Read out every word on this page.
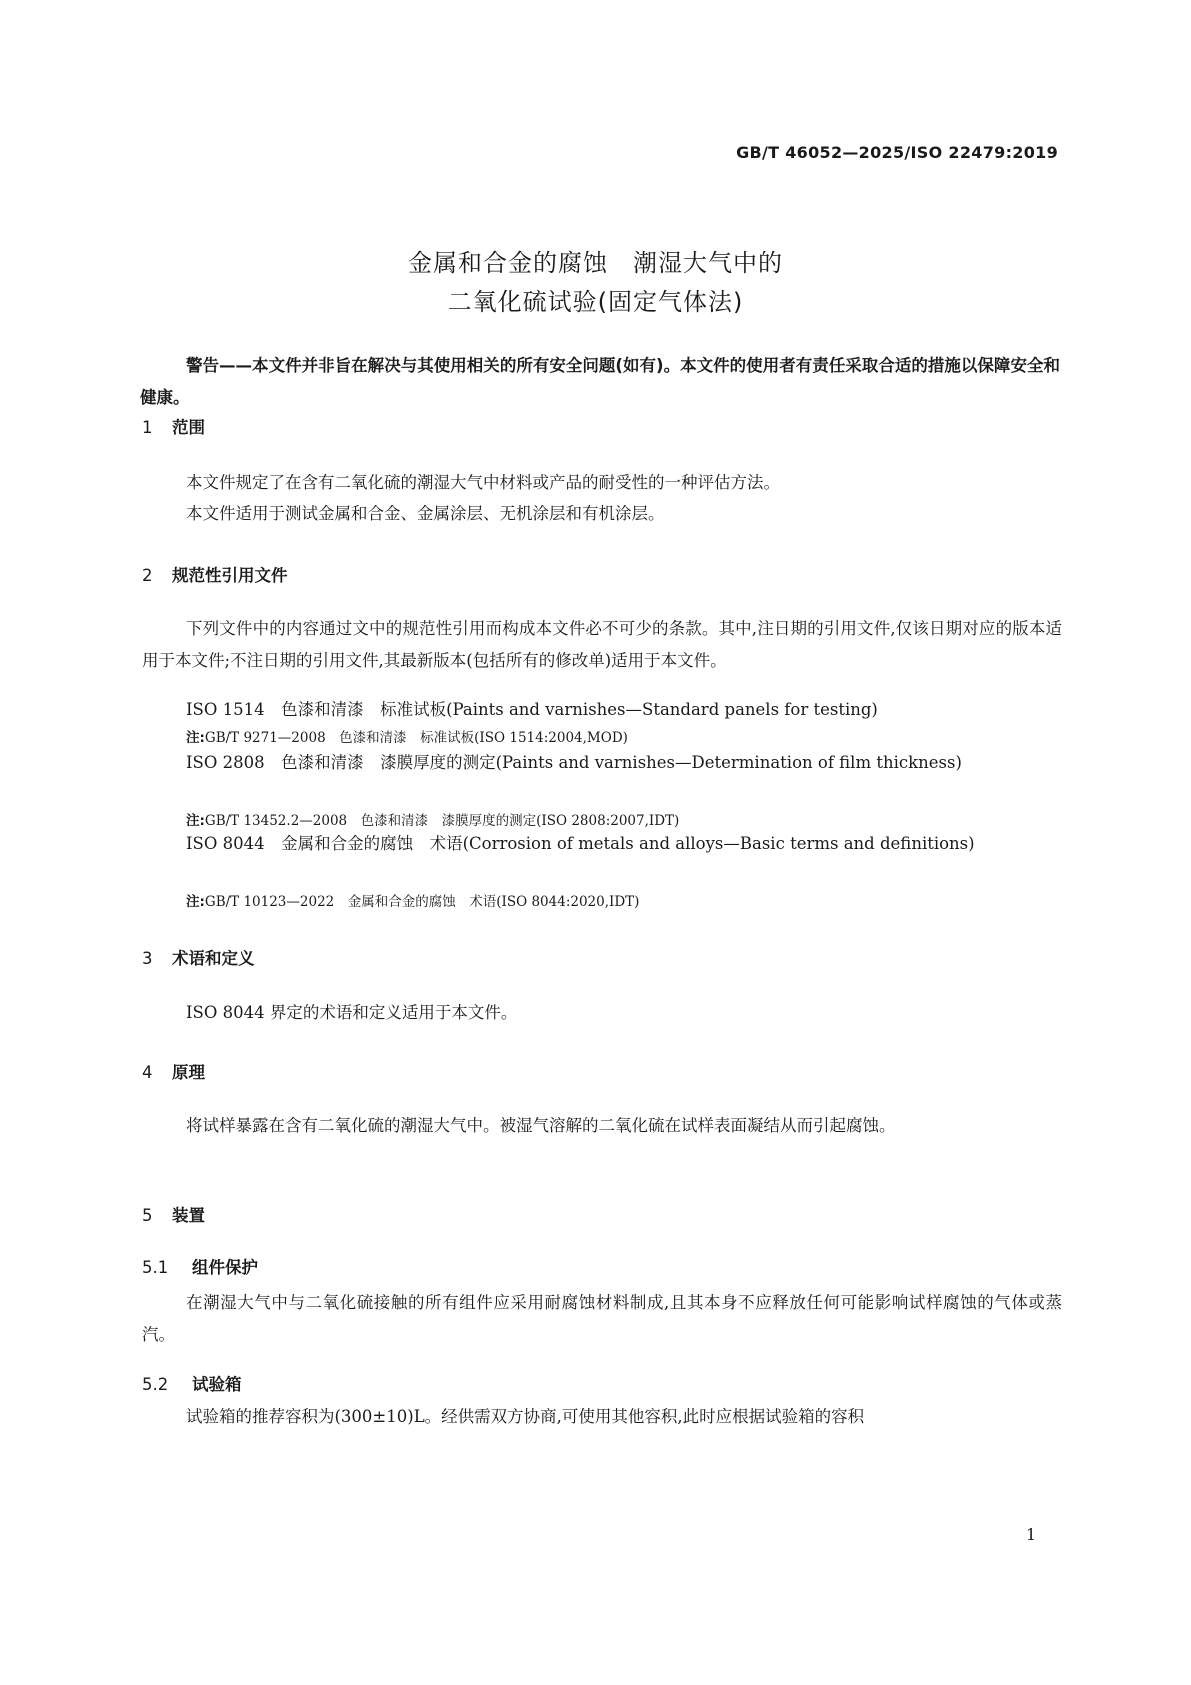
GB/T 46052—2025/ISO 22479:2019
金属和合金的腐蚀　潮湿大气中的
二氧化硫试验(固定气体法)
警告——本文件并非旨在解决与其使用相关的所有安全问题(如有)。本文件的使用者有责任采取合适的措施以保障安全和健康。
1 范围
本文件规定了在含有二氧化硫的潮湿大气中材料或产品的耐受性的一种评估方法。
本文件适用于测试金属和合金、金属涂层、无机涂层和有机涂层。
2 规范性引用文件
下列文件中的内容通过文中的规范性引用而构成本文件必不可少的条款。其中,注日期的引用文件,仅该日期对应的版本适用于本文件;不注日期的引用文件,其最新版本(包括所有的修改单)适用于本文件。
ISO 1514　色漆和清漆　标准试板(Paints and varnishes—Standard panels for testing)
注:GB/T 9271—2008　色漆和清漆　标准试板(ISO 1514:2004,MOD)
ISO 2808　色漆和清漆　漆膜厚度的测定(Paints and varnishes—Determination of film thickness)
注:GB/T 13452.2—2008　色漆和清漆　漆膜厚度的测定(ISO 2808:2007,IDT)
ISO 8044　金属和合金的腐蚀　术语(Corrosion of metals and alloys—Basic terms and definitions)
注:GB/T 10123—2022　金属和合金的腐蚀　术语(ISO 8044:2020,IDT)
3 术语和定义
ISO 8044 界定的术语和定义适用于本文件。
4 原理
将试样暴露在含有二氧化硫的潮湿大气中。被湿气溶解的二氧化硫在试样表面凝结从而引起腐蚀。
5 装置
5.1 组件保护
在潮湿大气中与二氧化硫接触的所有组件应采用耐腐蚀材料制成,且其本身不应释放任何可能影响试样腐蚀的气体或蒸汽。
5.2 试验箱
试验箱的推荐容积为(300±10)L。经供需双方协商,可使用其他容积,此时应根据试验箱的容积
1
